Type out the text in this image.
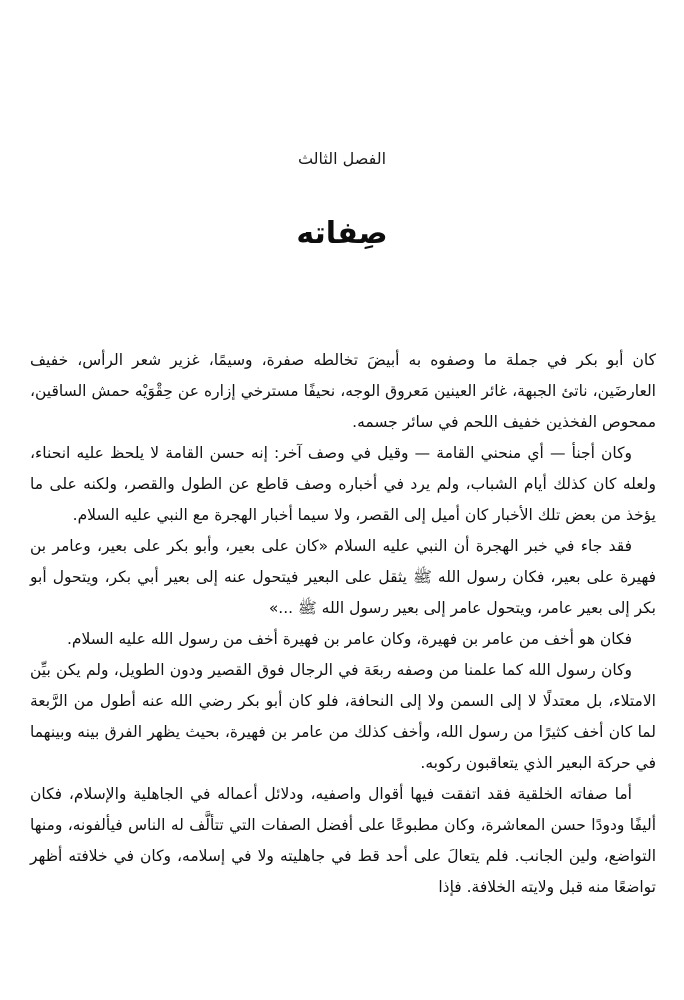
الفصل الثالث
صِفاته

كان أبو بكر في جملة ما وصفوه به أبيضَ تخالطه صفرة، وسيمًا، غزير شعر الرأس، خفيف العارضَين، ناتئ الجبهة، غائر العينين مَعروق الوجه، نحيفًا مسترخي إزاره عن حِقْوَيْه حمش الساقين، ممحوص الفخذين خفيف اللحم في سائر جسمه.

وكان أجنأ — أي منحني القامة — وقيل في وصف آخر: إنه حسن القامة لا يلحظ عليه انحناء، ولعله كان كذلك أيام الشباب، ولم يرد في أخباره وصف قاطع عن الطول والقصر، ولكنه على ما يؤخذ من بعض تلك الأخبار كان أميل إلى القصر، ولا سيما أخبار الهجرة مع النبي عليه السلام.

فقد جاء في خبر الهجرة أن النبي عليه السلام «كان على بعير، وأبو بكر على بعير، وعامر بن فهيرة على بعير، فكان رسول الله ﷺ يثقل على البعير فيتحول عنه إلى بعير أبي بكر، ويتحول أبو بكر إلى بعير عامر، ويتحول عامر إلى بعير رسول الله ﷺ ...»

فكان هو أخف من عامر بن فهيرة، وكان عامر بن فهيرة أخف من رسول الله عليه السلام.

وكان رسول الله كما علمنا من وصفه ربعَة في الرجال فوق القصير ودون الطويل، ولم يكن بيِّن الامتلاء، بل معتدلًا لا إلى السمن ولا إلى النحافة، فلو كان أبو بكر رضي الله عنه أطول من الرَّبعة لما كان أخف كثيرًا من رسول الله، وأخف كذلك من عامر بن فهيرة، بحيث يظهر الفرق بينه وبينهما في حركة البعير الذي يتعاقبون ركوبه.

أما صفاته الخلقية فقد اتفقت فيها أقوال واصفيه، ودلائل أعماله في الجاهلية والإسلام، فكان أليفًا ودودًا حسن المعاشرة، وكان مطبوعًا على أفضل الصفات التي تتألَّف له الناس فيألفونه، ومنها التواضع، ولين الجانب. فلم يتعالَ على أحد قط في جاهليته ولا في إسلامه، وكان في خلافته أظهر تواضعًا منه قبل ولايته الخلافة. فإذا
